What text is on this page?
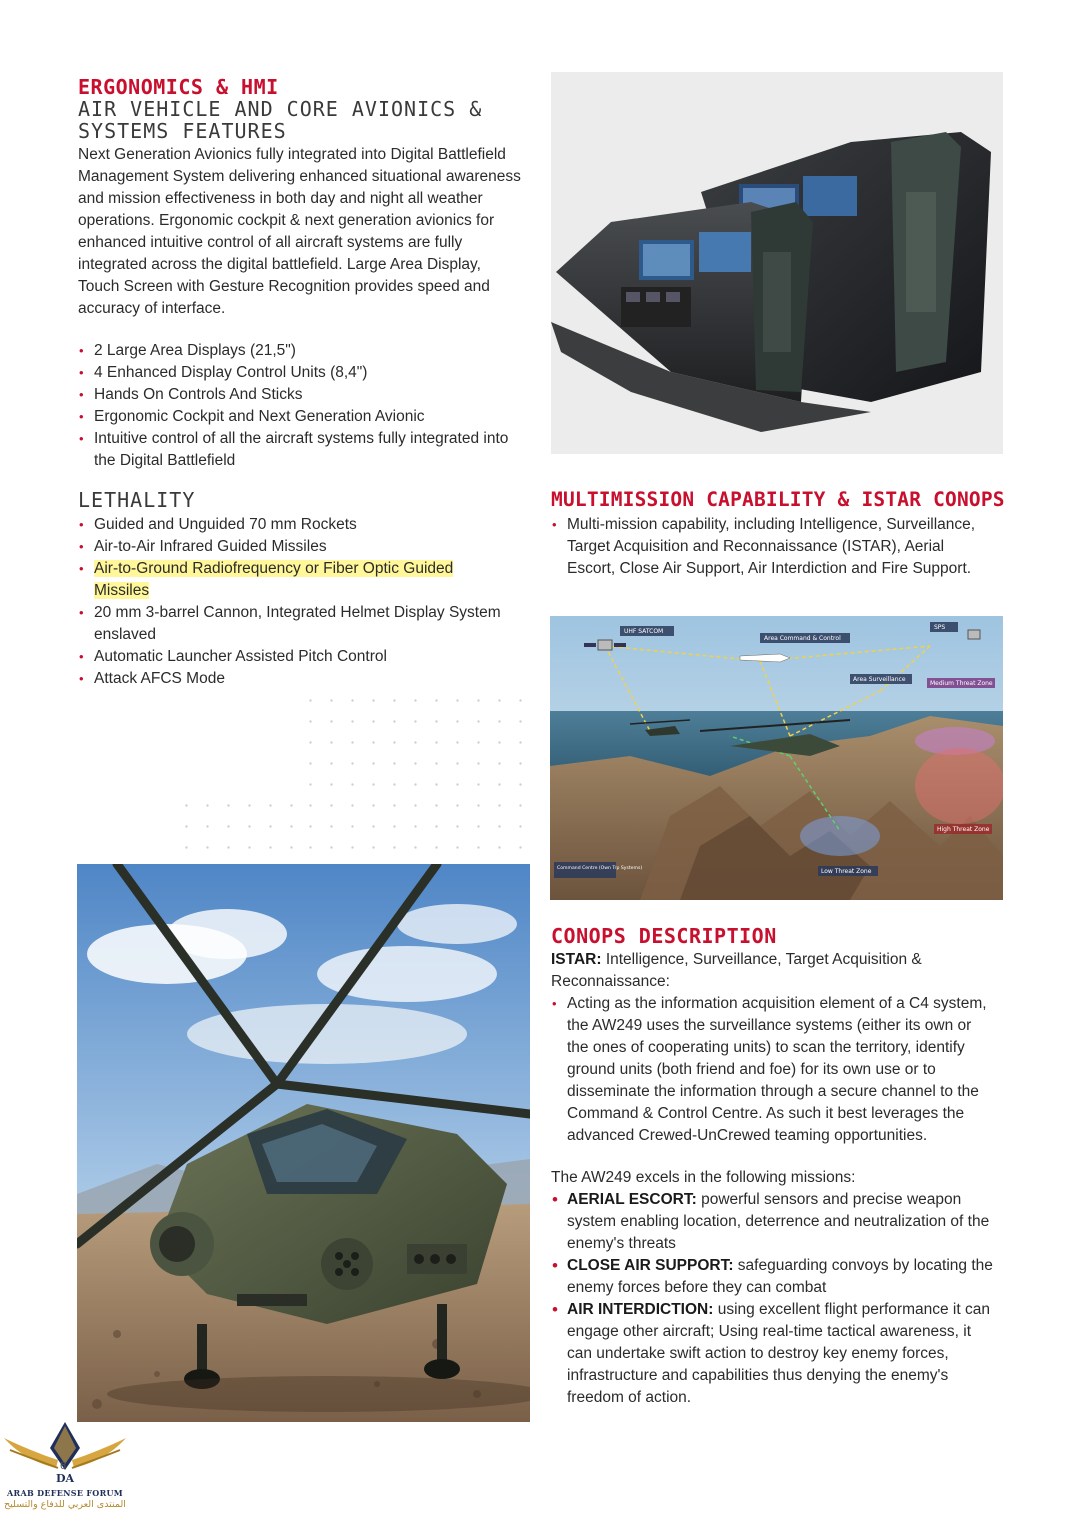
ERGONOMICS & HMI
AIR VEHICLE AND CORE AVIONICS &
SYSTEMS FEATURES

Next Generation Avionics fully integrated into Digital Battlefield Management System delivering enhanced situational awareness and mission effectiveness in both day and night all weather operations. Ergonomic cockpit & next generation avionics for enhanced intuitive control of all aircraft systems are fully integrated across the digital battlefield. Large Area Display, Touch Screen with Gesture Recognition provides speed and accuracy of interface.

• 2 Large Area Displays (21,5")
• 4 Enhanced Display Control Units (8,4")
• Hands On Controls And Sticks
• Ergonomic Cockpit and Next Generation Avionic
• Intuitive control of all the aircraft systems fully integrated into the Digital Battlefield
LETHALITY
• Guided and Unguided 70 mm Rockets
• Air-to-Air Infrared Guided Missiles
• Air-to-Ground Radiofrequency or Fiber Optic Guided Missiles
• 20 mm 3-barrel Cannon, Integrated Helmet Display System enslaved
• Automatic Launcher Assisted Pitch Control
• Attack AFCS Mode
MULTIMISSION CAPABILITY & ISTAR CONOPS
• Multi-mission capability, including Intelligence, Surveillance, Target Acquisition and Reconnaissance (ISTAR), Aerial Escort, Close Air Support, Air Interdiction and Fire Support.
UHF SATCOM
Area Command & Control
SPS
Area Surveillance
Medium Threat Zone
High Threat Zone
Low Threat Zone
Command Centre (Own Trp Systems)
CONOPS DESCRIPTION

ISTAR: Intelligence, Surveillance, Target Acquisition & Reconnaissance:

• Acting as the information acquisition element of a C4 system, the AW249 uses the surveillance systems (either its own or the ones of cooperating units) to scan the territory, identify ground units (both friend and foe) for its own use or to disseminate the information through a secure channel to the Command & Control Centre. As such it best leverages the advanced Crewed-UnCrewed teaming opportunities.

The AW249 excels in the following missions:

• AERIAL ESCORT: powerful sensors and precise weapon system enabling location, deterrence and neutralization of the enemy's threats
• CLOSE AIR SUPPORT: safeguarding convoys by locating the enemy forces before they can combat
• AIR INTERDICTION: using excellent flight performance it can engage other aircraft; Using real-time tactical awareness, it can undertake swift action to destroy key enemy forces, infrastructure and capabilities thus denying the enemy's freedom of action.
DA
6
ARAB DEFENSE FORUM
المنتدى العربي للدفاع والتسليح
